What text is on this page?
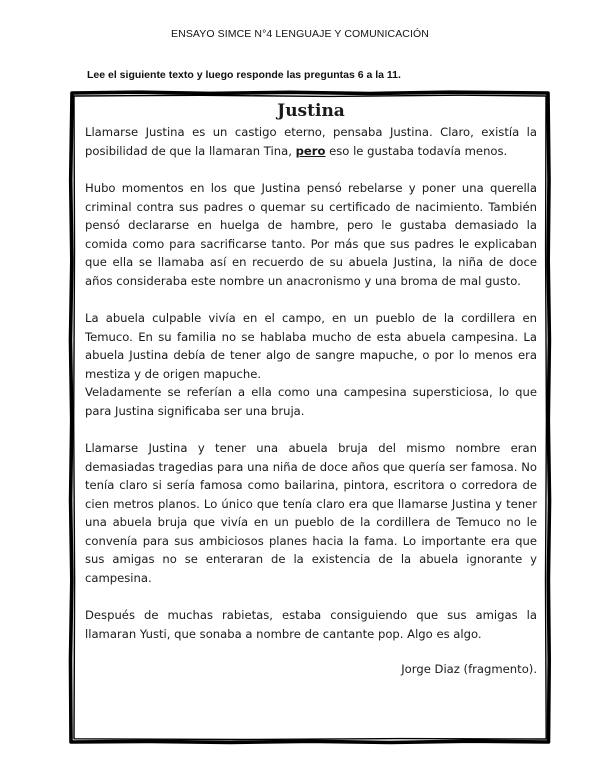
ENSAYO SIMCE N°4 LENGUAJE Y COMUNICACIÓN
Lee el siguiente texto y luego responde las preguntas 6 a la 11.
Justina
Llamarse Justina es un castigo eterno, pensaba Justina. Claro, existía la posibilidad de que la llamaran Tina, pero eso le gustaba todavía menos.
Hubo momentos en los que Justina pensó rebelarse y poner una querella criminal contra sus padres o quemar su certificado de nacimiento. También pensó declararse en huelga de hambre, pero le gustaba demasiado la comida como para sacrificarse tanto. Por más que sus padres le explicaban que ella se llamaba así en recuerdo de su abuela Justina, la niña de doce años consideraba este nombre un anacronismo y una broma de mal gusto.
La abuela culpable vivía en el campo, en un pueblo de la cordillera en Temuco. En su familia no se hablaba mucho de esta abuela campesina. La abuela Justina debía de tener algo de sangre mapuche, o por lo menos era mestiza y de origen mapuche.
Veladamente se referían a ella como una campesina supersticiosa, lo que para Justina significaba ser una bruja.
Llamarse Justina y tener una abuela bruja del mismo nombre eran demasiadas tragedias para una niña de doce años que quería ser famosa. No tenía claro si sería famosa como bailarina, pintora, escritora o corredora de cien metros planos. Lo único que tenía claro era que llamarse Justina y tener una abuela bruja que vivía en un pueblo de la cordillera de Temuco no le convenía para sus ambiciosos planes hacia la fama. Lo importante era que sus amigas no se enteraran de la existencia de la abuela ignorante y campesina.
Después de muchas rabietas, estaba consiguiendo que sus amigas la llamaran Yusti, que sonaba a nombre de cantante pop. Algo es algo.
Jorge Diaz (fragmento).
